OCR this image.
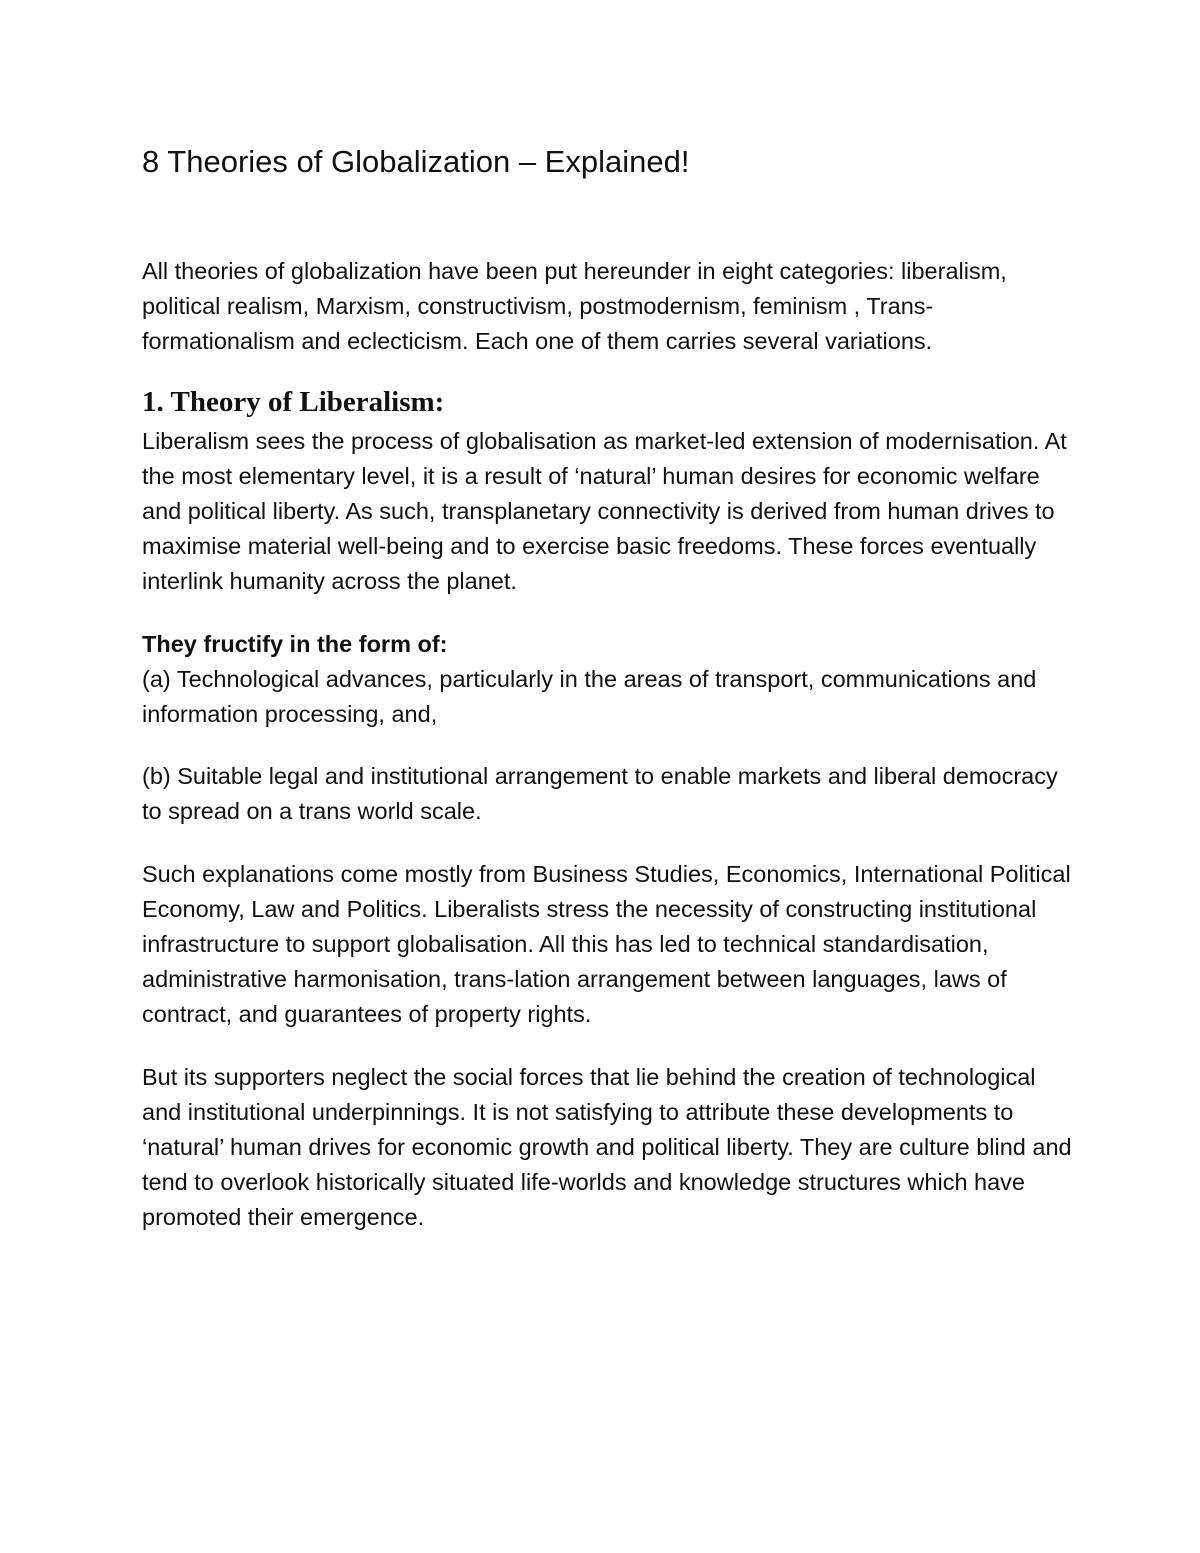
8 Theories of Globalization – Explained!

All theories of globalization have been put hereunder in eight categories: liberalism, political realism, Marxism, constructivism, postmodernism, feminism , Trans-formationalism and eclecticism. Each one of them carries several variations.

1. Theory of Liberalism:

Liberalism sees the process of globalisation as market-led extension of modernisation. At the most elementary level, it is a result of ‘natural’ human desires for economic welfare and political liberty. As such, transplanetary connectivity is derived from human drives to maximise material well-being and to exercise basic freedoms. These forces eventually interlink humanity across the planet.

They fructify in the form of:

(a) Technological advances, particularly in the areas of transport, communications and information processing, and,

(b) Suitable legal and institutional arrangement to enable markets and liberal democracy to spread on a trans world scale.

Such explanations come mostly from Business Studies, Economics, International Political Economy, Law and Politics. Liberalists stress the necessity of constructing institutional infrastructure to support globalisation. All this has led to technical standardisation, administrative harmonisation, trans-lation arrangement between languages, laws of contract, and guarantees of property rights.

But its supporters neglect the social forces that lie behind the creation of technological and institutional underpinnings. It is not satisfying to attribute these developments to ‘natural’ human drives for economic growth and political liberty. They are culture blind and tend to overlook historically situated life-worlds and knowledge structures which have promoted their emergence.
